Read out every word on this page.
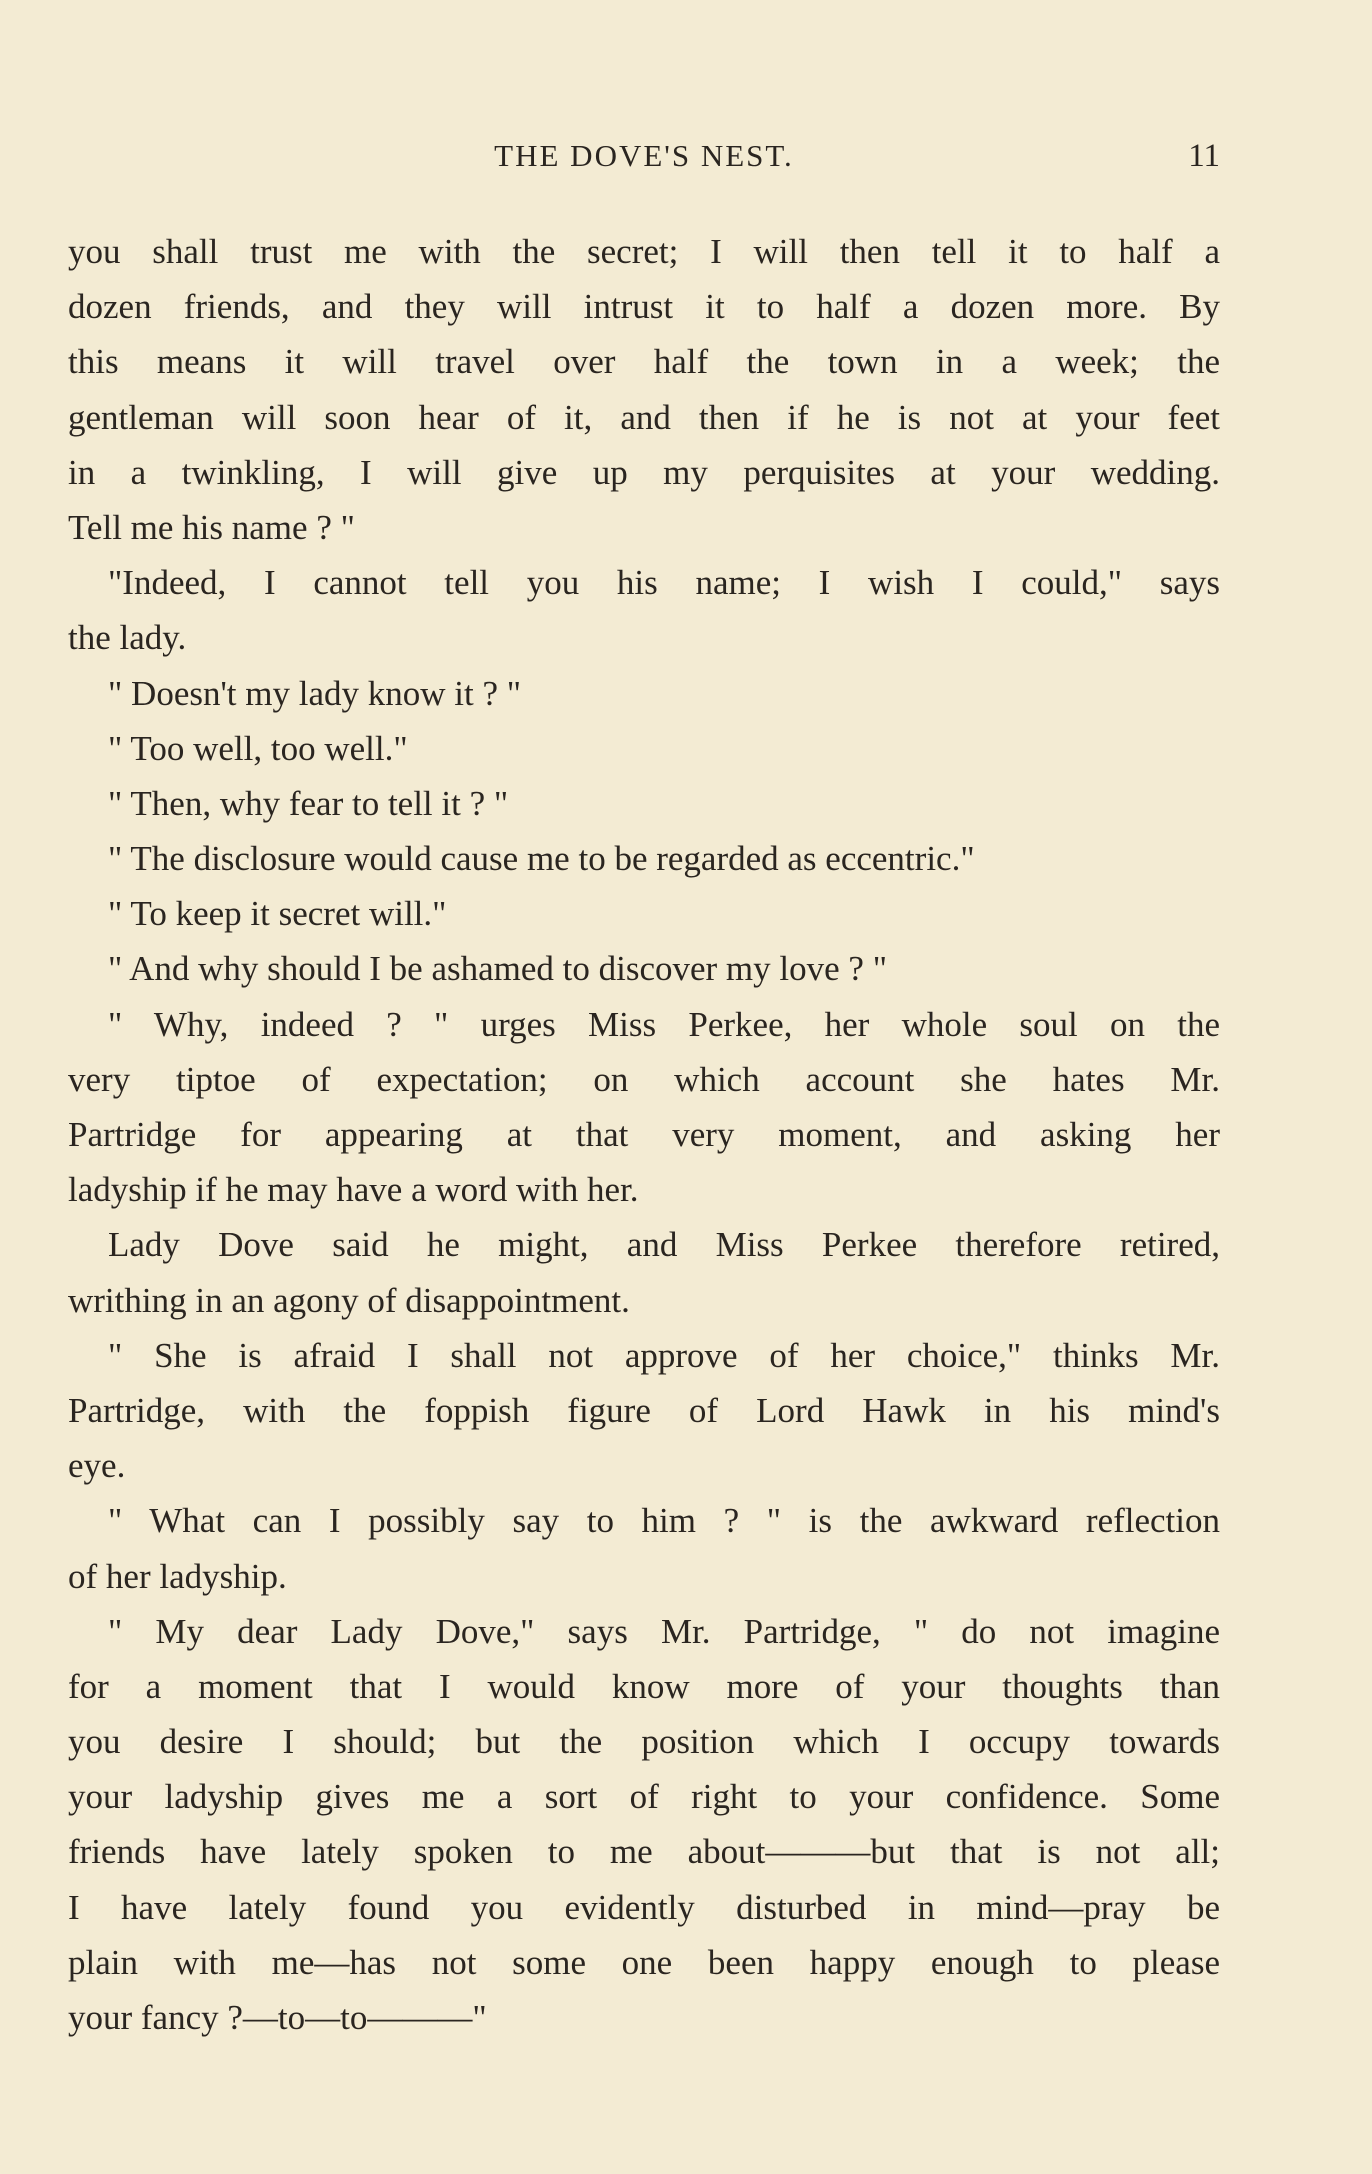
THE DOVE'S NEST.	11
you shall trust me with the secret; I will then tell it to half a
dozen friends, and they will intrust it to half a dozen more. By
this means it will travel over half the town in a week; the
gentleman will soon hear of it, and then if he is not at your feet
in a twinkling, I will give up my perquisites at your wedding.
Tell me his name ? "
"Indeed, I cannot tell you his name; I wish I could," says
the lady.
" Doesn't my lady know it ? "
" Too well, too well."
" Then, why fear to tell it ? "
" The disclosure would cause me to be regarded as eccentric."
" To keep it secret will."
" And why should I be ashamed to discover my love ? "
" Why, indeed ? " urges Miss Perkee, her whole soul on the
very tiptoe of expectation; on which account she hates Mr.
Partridge for appearing at that very moment, and asking her
ladyship if he may have a word with her.
Lady Dove said he might, and Miss Perkee therefore retired,
writhing in an agony of disappointment.
" She is afraid I shall not approve of her choice," thinks Mr.
Partridge, with the foppish figure of Lord Hawk in his mind's
eye.
" What can I possibly say to him ? " is the awkward reflection
of her ladyship.
" My dear Lady Dove," says Mr. Partridge, " do not imagine
for a moment that I would know more of your thoughts than
you desire I should; but the position which I occupy towards
your ladyship gives me a sort of right to your confidence. Some
friends have lately spoken to me about———but that is not all;
I have lately found you evidently disturbed in mind—pray be
plain with me—has not some one been happy enough to please
your fancy ?—to—to———"
